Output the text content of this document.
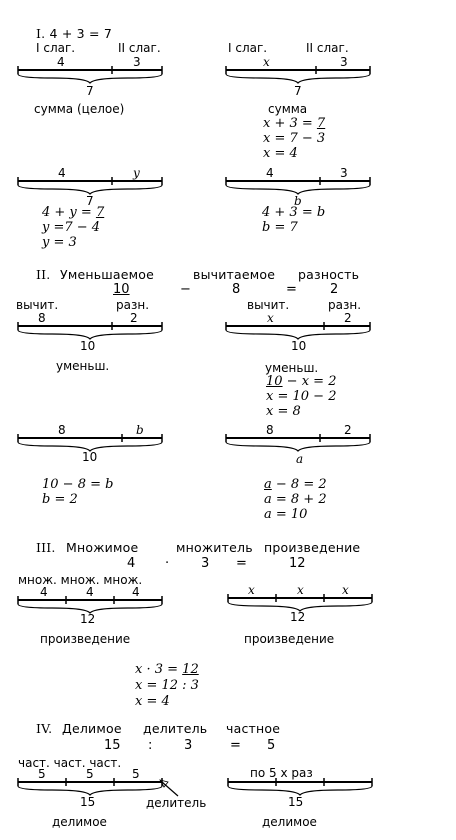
I. 4 + 3 = 7
I слаг.	II слаг.
4	3
7
сумма (целое)
I слаг.	II слаг.
x	3
7
сумма
x + 3 = 7
x = 7 − 3
x = 4
4	y
7
4 + y = 7
y =7 − 4
y = 3
4	3
b
4 + 3 = b
b = 7
II. Уменьшаемое	вычитаемое разность
10	−	8	=	2
вычит.	разн.
8	2
10
уменьш.
вычит.	разн.
x	2
10
уменьш.
10 − x = 2
x = 10 − 2
x = 8
8	b
10
10 − 8 = b
b = 2
8	2
a
a − 8 = 2
a = 8 + 2
a = 10
III. Множимое	множитель произведение
4 · 3 =	12
множ. множ. множ.
4	4	4
12
произведение
x	x	x
12
произведение
x · 3 = 12
x = 12 : 3
x = 4
IV. Делимое делитель частное
15 : 3	= 5
част. част. част.
5	5	5
делитель
15
делимое
по 5 x раз
15
делимое
